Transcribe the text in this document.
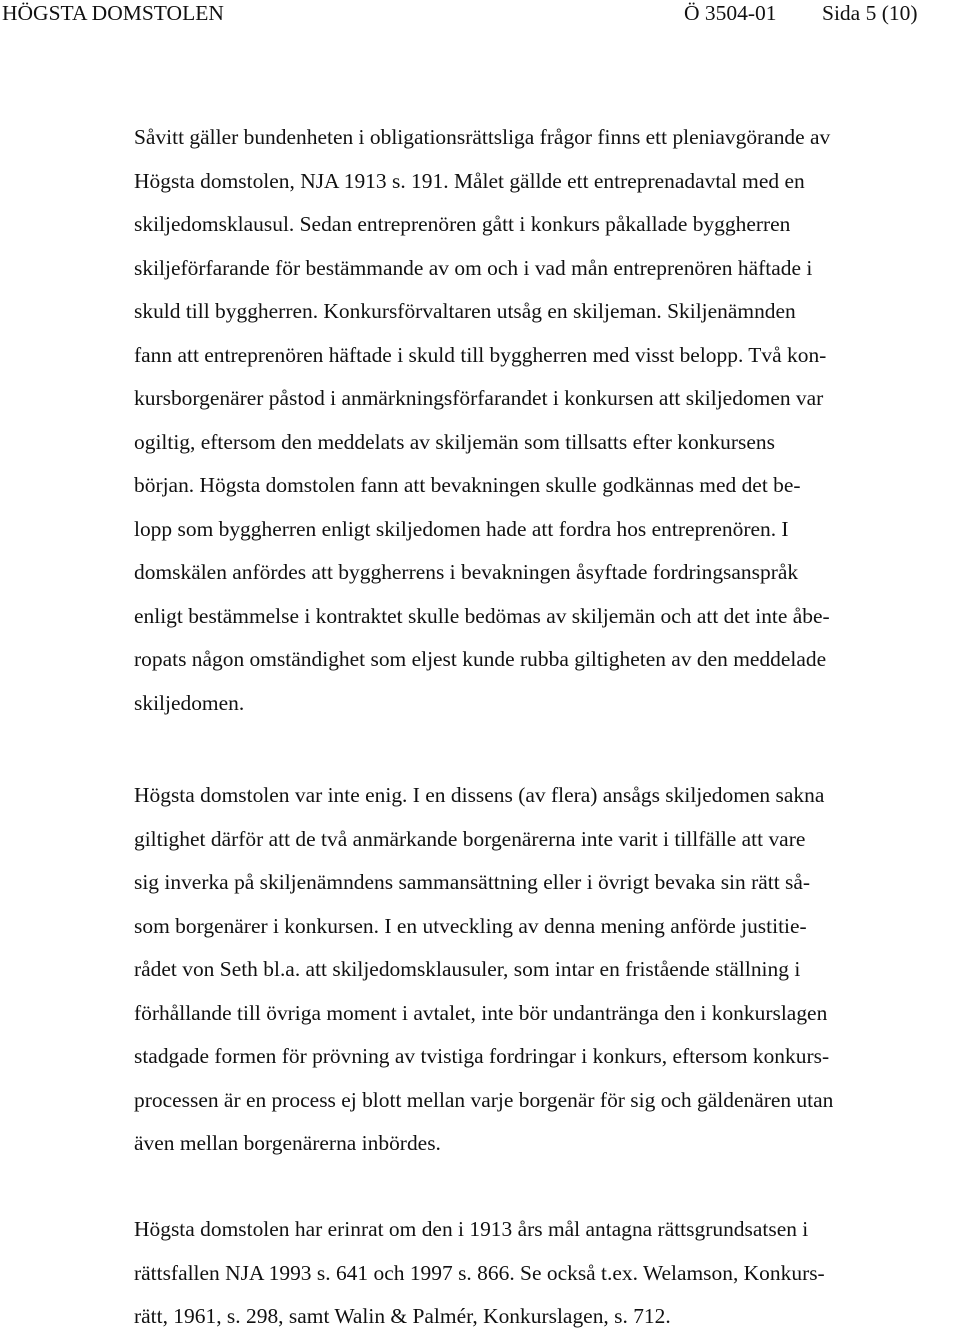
HÖGSTA DOMSTOLEN	Ö 3504-01 Sida 5 (10)
Såvitt gäller bundenheten i obligationsrättsliga frågor finns ett pleniavgörande av
Högsta domstolen, NJA 1913 s. 191. Målet gällde ett entreprenadavtal med en
skiljedomsklausul. Sedan entreprenören gått i konkurs påkallade byggherren
skiljeförfarande för bestämmande av om och i vad mån entreprenören häftade i
skuld till byggherren. Konkursförvaltaren utsåg en skiljeman. Skiljenämnden
fann att entreprenören häftade i skuld till byggherren med visst belopp. Två kon-
kursborgenärer påstod i anmärkningsförfarandet i konkursen att skiljedomen var
ogiltig, eftersom den meddelats av skiljemän som tillsatts efter konkursens
början. Högsta domstolen fann att bevakningen skulle godkännas med det be-
lopp som byggherren enligt skiljedomen hade att fordra hos entreprenören. I
domskälen anfördes att byggherrens i bevakningen åsyftade fordringsanspråk
enligt bestämmelse i kontraktet skulle bedömas av skiljemän och att det inte åbe-
ropats någon omständighet som eljest kunde rubba giltigheten av den meddelade
skiljedomen.
Högsta domstolen var inte enig. I en dissens (av flera) ansågs skiljedomen sakna
giltighet därför att de två anmärkande borgenärerna inte varit i tillfälle att vare
sig inverka på skiljenämndens sammansättning eller i övrigt bevaka sin rätt så-
som borgenärer i konkursen. I en utveckling av denna mening anförde justitie-
rådet von Seth bl.a. att skiljedomsklausuler, som intar en fristående ställning i
förhållande till övriga moment i avtalet, inte bör undantränga den i konkurslagen
stadgade formen för prövning av tvistiga fordringar i konkurs, eftersom konkurs-
processen är en process ej blott mellan varje borgenär för sig och gäldenären utan
även mellan borgenärerna inbördes.
Högsta domstolen har erinrat om den i 1913 års mål antagna rättsgrundsatsen i
rättsfallen NJA 1993 s. 641 och 1997 s. 866. Se också t.ex. Welamson, Konkurs-
rätt, 1961, s. 298, samt Walin & Palmér, Konkurslagen, s. 712.
